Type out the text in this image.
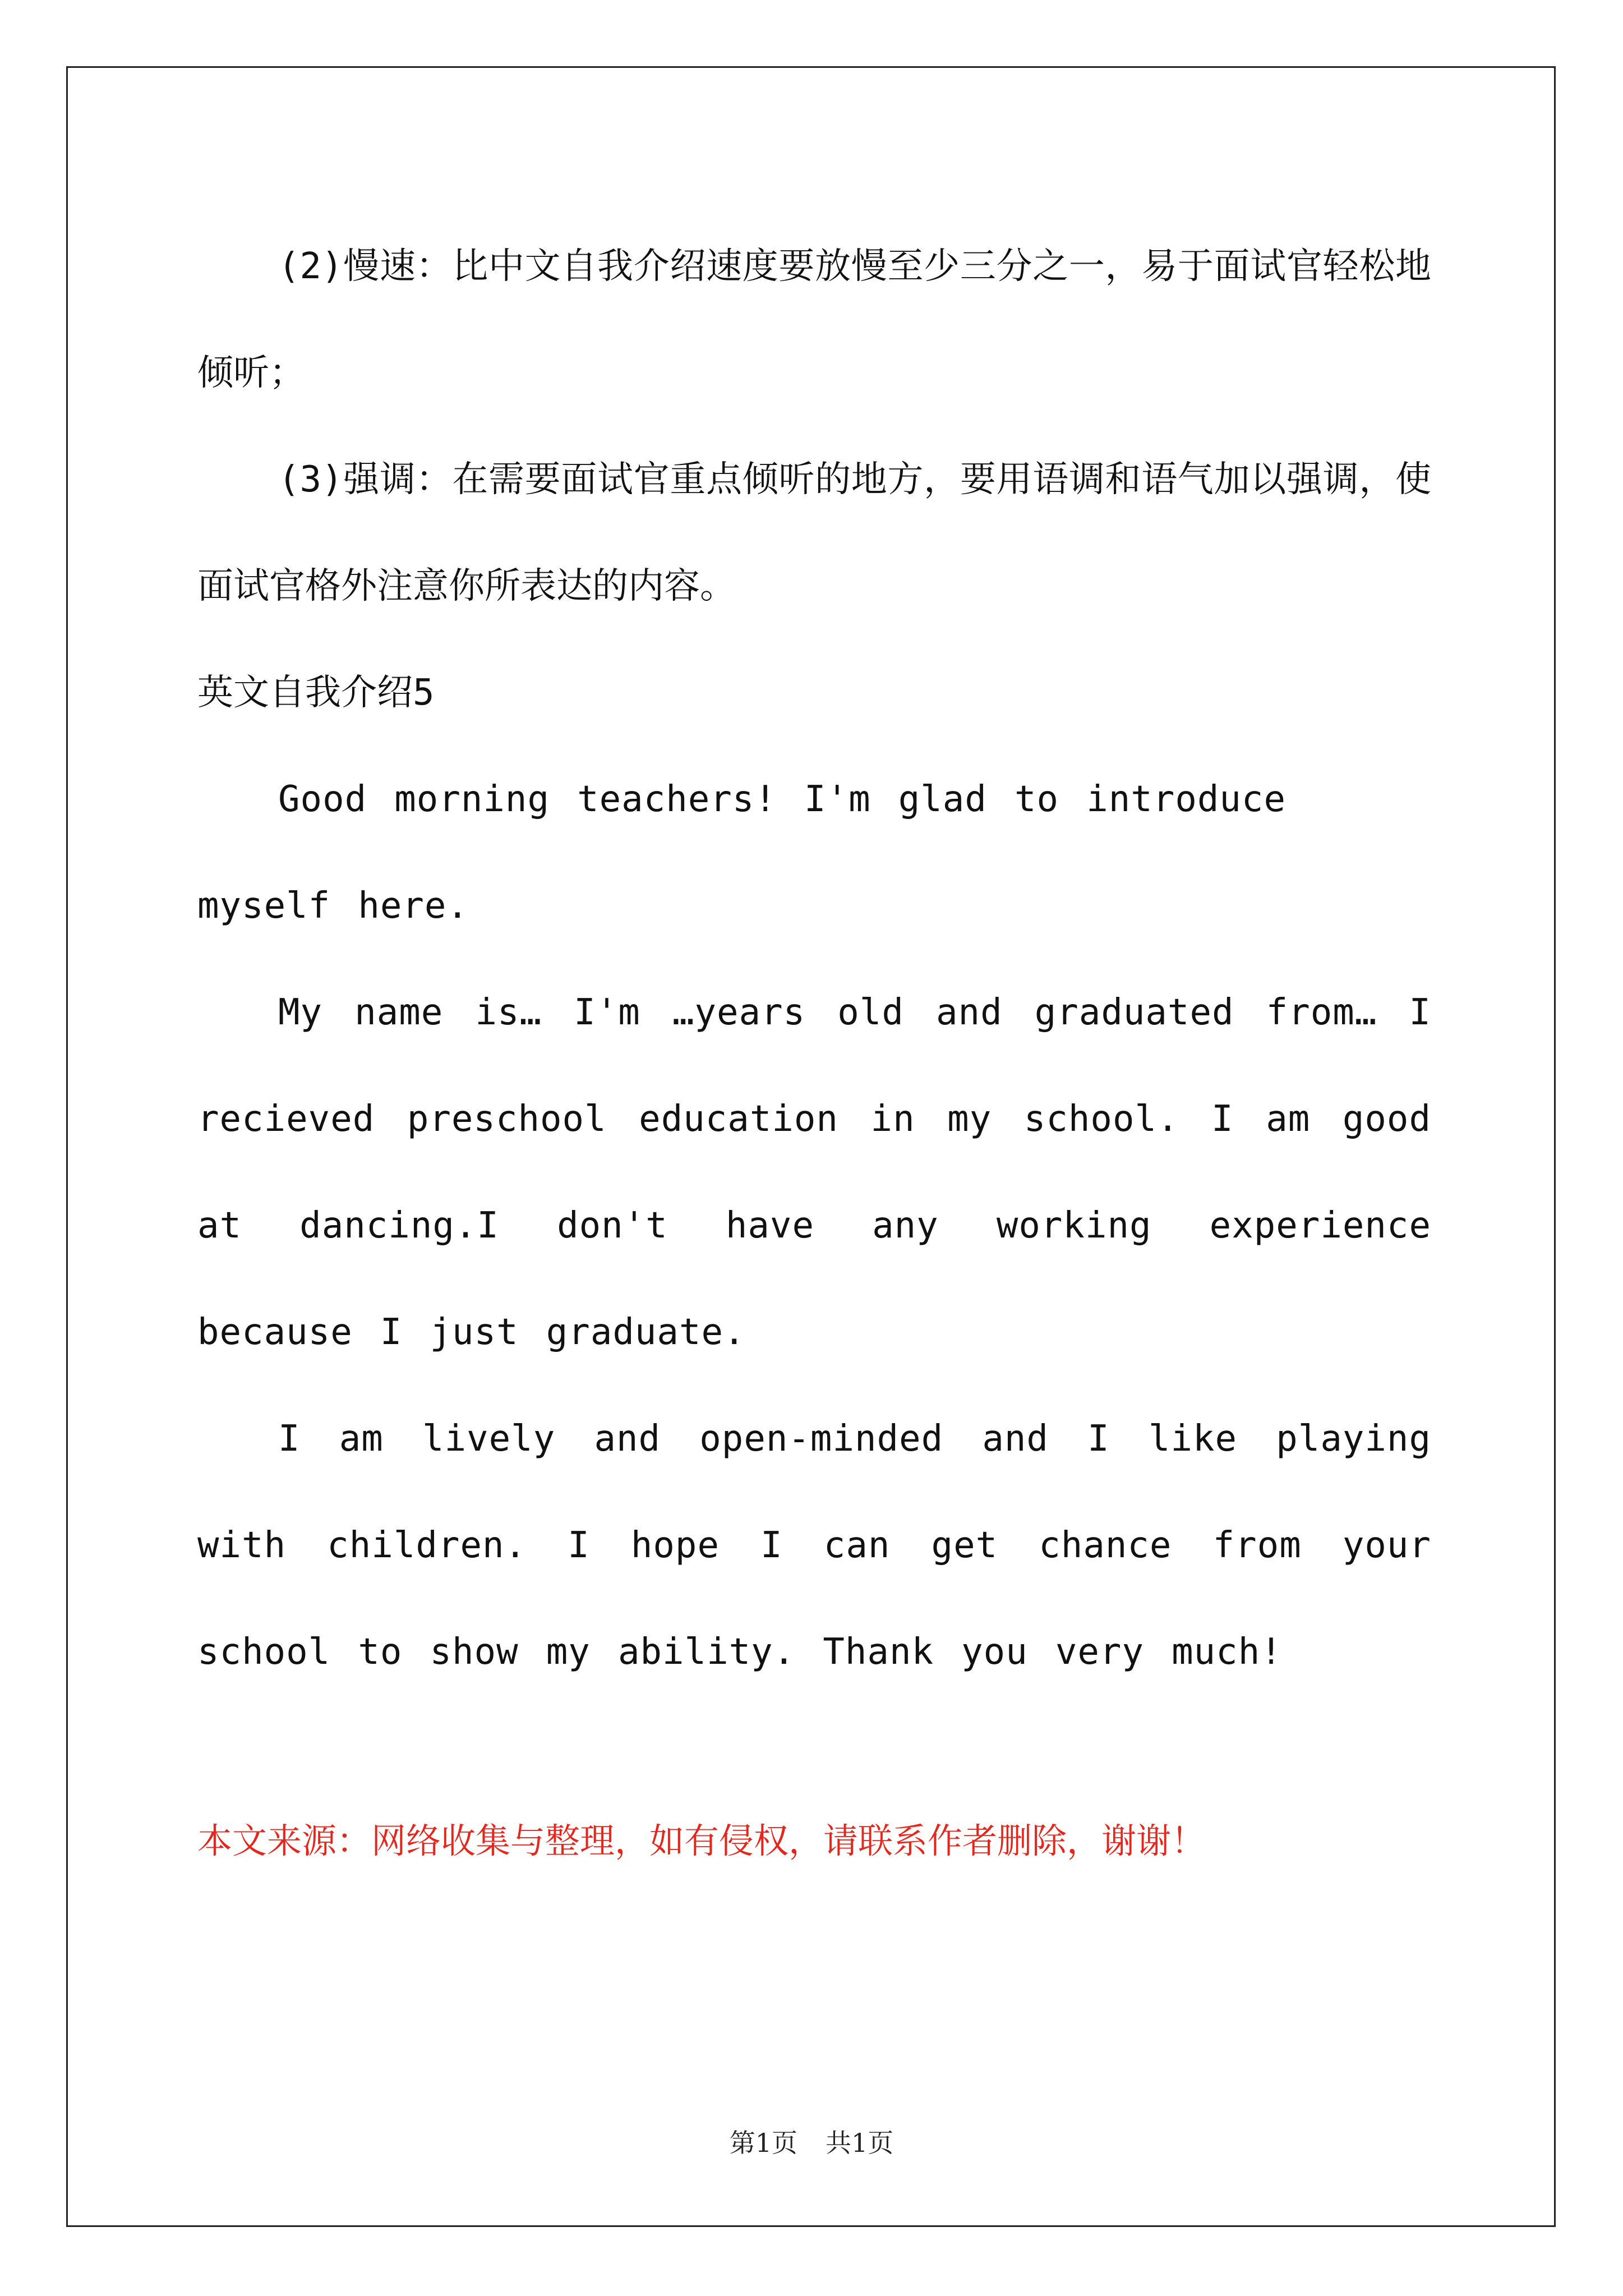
(2)慢速：比中文自我介绍速度要放慢至少三分之一，易于面试官轻松地倾听；

(3)强调：在需要面试官重点倾听的地方，要用语调和语气加以强调，使面试官格外注意你所表达的内容。

英文自我介绍5

Good morning teachers! I'm glad to introduce myself here.

My name is… I'm …years old and graduated from… I recieved preschool education in my school. I am good at dancing.I don't have any working experience because I just graduate.

I am lively and open-minded and I like playing with children. I hope I can get chance from your school to show my ability. Thank you very much!

本文来源：网络收集与整理，如有侵权，请联系作者删除，谢谢！

第1页 共1页
